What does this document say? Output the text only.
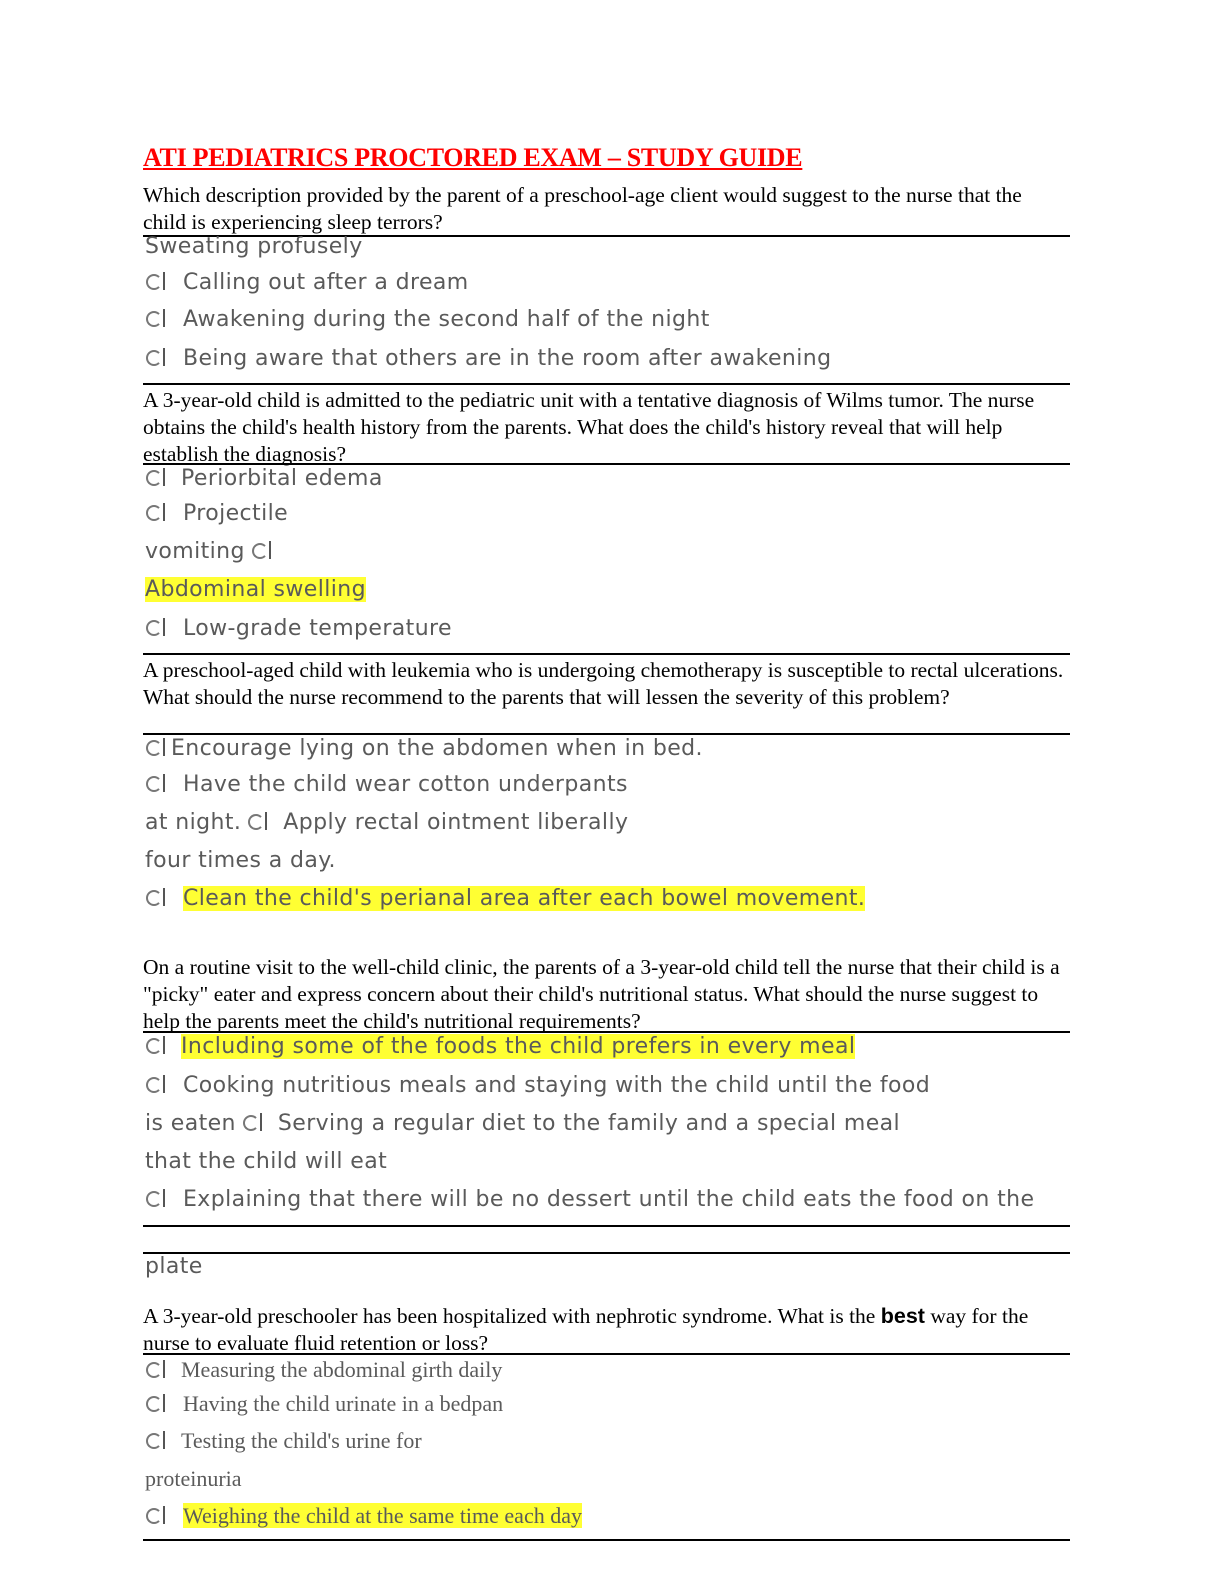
ATI PEDIATRICS PROCTORED EXAM – STUDY GUIDE
Which description provided by the parent of a preschool-age client would suggest to the nurse that the child is experiencing sleep terrors?
Sweating profusely
Calling out after a dream
Awakening during the second half of the night
Being aware that others are in the room after awakening
A 3-year-old child is admitted to the pediatric unit with a tentative diagnosis of Wilms tumor. The nurse obtains the child's health history from the parents. What does the child's history reveal that will help establish the diagnosis?
Periorbital edema
Projectile
vomiting
Abdominal swelling
Low-grade temperature
A preschool-aged child with leukemia who is undergoing chemotherapy is susceptible to rectal ulcerations. What should the nurse recommend to the parents that will lessen the severity of this problem?
Encourage lying on the abdomen when in bed.
Have the child wear cotton underpants
at night. Apply rectal ointment liberally
four times a day.
Clean the child's perianal area after each bowel movement.
On a routine visit to the well-child clinic, the parents of a 3-year-old child tell the nurse that their child is a "picky" eater and express concern about their child's nutritional status. What should the nurse suggest to help the parents meet the child's nutritional requirements?
Including some of the foods the child prefers in every meal
Cooking nutritious meals and staying with the child until the food
is eaten Serving a regular diet to the family and a special meal
that the child will eat
Explaining that there will be no dessert until the child eats the food on the
plate
A 3-year-old preschooler has been hospitalized with nephrotic syndrome. What is the best way for the nurse to evaluate fluid retention or loss?
Measuring the abdominal girth daily
Having the child urinate in a bedpan
Testing the child's urine for
proteinuria
Weighing the child at the same time each day
